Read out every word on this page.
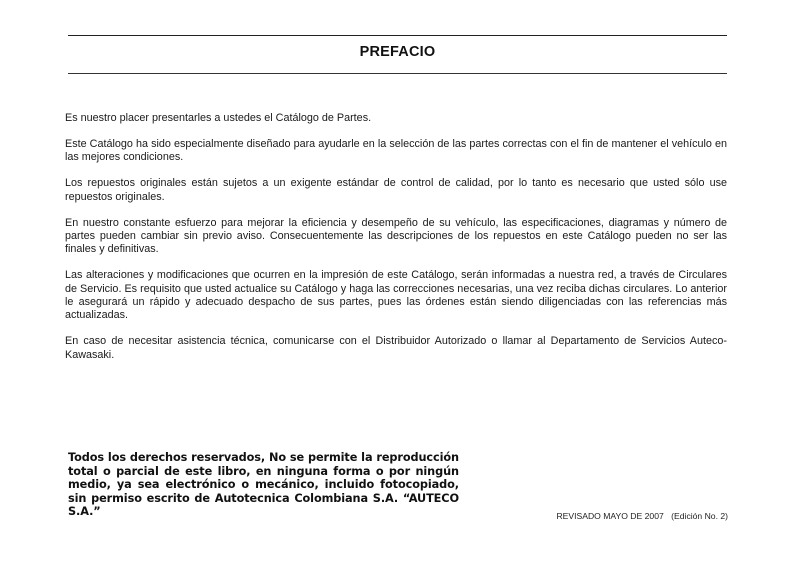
PREFACIO

Es nuestro placer presentarles a ustedes el Catálogo de Partes.

Este Catálogo ha sido especialmente diseñado para ayudarle en la selección de las partes correctas con el fin de mantener el vehículo en las mejores condiciones.

Los repuestos originales están sujetos a un exigente estándar de control de calidad, por lo tanto es necesario que usted sólo use repuestos originales.

En nuestro constante esfuerzo para mejorar la eficiencia y desempeño de su vehículo, las especificaciones, diagramas y número de partes pueden cambiar sin previo aviso. Consecuentemente las descripciones de los repuestos en este Catálogo pueden no ser las finales y definitivas.

Las alteraciones y modificaciones que ocurren en la impresión de este Catálogo, serán informadas a nuestra red, a través de Circulares de Servicio. Es requisito que usted actualice su Catálogo y haga las correcciones necesarias, una vez reciba dichas circulares. Lo anterior le asegurará un rápido y adecuado despacho de sus partes, pues las órdenes están siendo diligenciadas con las referencias más actualizadas.

En caso de necesitar asistencia técnica, comunicarse con el Distribuidor Autorizado o llamar al Departamento de Servicios Auteco-Kawasaki.

Todos los derechos reservados, No se permite la reproducción total o parcial de este libro, en ninguna forma o por ningún medio, ya sea electrónico o mecánico, incluido fotocopiado, sin permiso escrito de Autotecnica Colombiana S.A. “AUTECO S.A.”	REVISADO MAYO DE 2007 (Edición No. 2)
